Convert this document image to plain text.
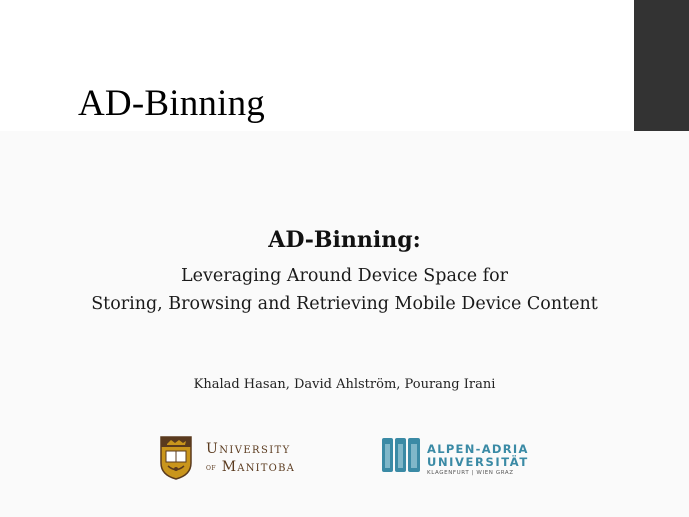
AD-Binning
AD-Binning:
Leveraging Around Device Space for
Storing, Browsing and Retrieving Mobile Device Content
Khalad Hasan, David Ahlström, Pourang Irani
University
of Manitoba
ALPEN-ADRIA
UNIVERSITÄT
KLAGENFURT | WIEN GRAZ
